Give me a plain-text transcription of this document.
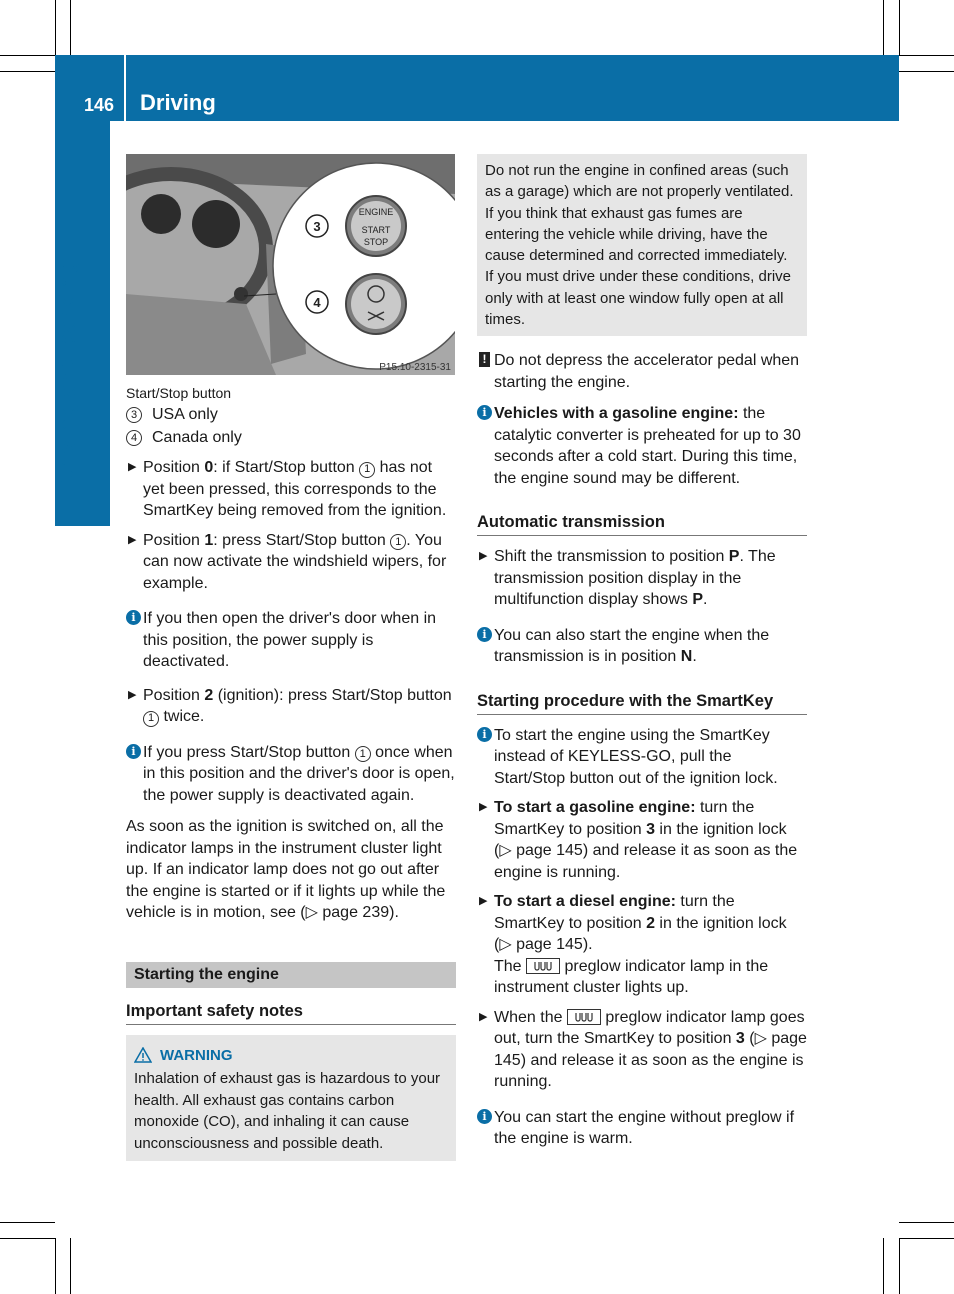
146 Driving
Driving and parking
ENGINE
START
STOP
3
4
P15.10-2315-31
Start/Stop button
3 USA only
4 Canada only
▶ Position 0: if Start/Stop button 1 has not yet been pressed, this corresponds to the SmartKey being removed from the ignition.
▶ Position 1: press Start/Stop button 1 . You can now activate the windshield wipers, for example.
i If you then open the driver's door when in this position, the power supply is deactivated.
▶ Position 2 (ignition): press Start/Stop button 1 twice.
i If you press Start/Stop button 1 once when in this position and the driver's door is open, the power supply is deactivated again.

As soon as the ignition is switched on, all the indicator lamps in the instrument cluster light up. If an indicator lamp does not go out after the engine is started or if it lights up while the vehicle is in motion, see (▷ page 239).

Starting the engine
Important safety notes
WARNING
Inhalation of exhaust gas is hazardous to your health. All exhaust gas contains carbon monoxide (CO), and inhaling it can cause unconsciousness and possible death.
Do not run the engine in confined areas (such as a garage) which are not properly ventilated. If you think that exhaust gas fumes are entering the vehicle while driving, have the cause determined and corrected immediately. If you must drive under these conditions, drive only with at least one window fully open at all times.
! Do not depress the accelerator pedal when starting the engine.
i Vehicles with a gasoline engine: the catalytic converter is preheated for up to 30 seconds after a cold start. During this time, the engine sound may be different.
Automatic transmission
▶ Shift the transmission to position P. The transmission position display in the multifunction display shows P.
i You can also start the engine when the transmission is in position N.
Starting procedure with the SmartKey
i To start the engine using the SmartKey instead of KEYLESS-GO, pull the Start/Stop button out of the ignition lock.
▶ To start a gasoline engine: turn the SmartKey to position 3 in the ignition lock (▷ page 145) and release it as soon as the engine is running.
▶ To start a diesel engine: turn the SmartKey to position 2 in the ignition lock (▷ page 145).
The  preglow indicator lamp in the instrument cluster lights up.
▶ When the  preglow indicator lamp goes out, turn the SmartKey to position 3 (▷ page 145) and release it as soon as the engine is running.
i You can start the engine without preglow if the engine is warm.
